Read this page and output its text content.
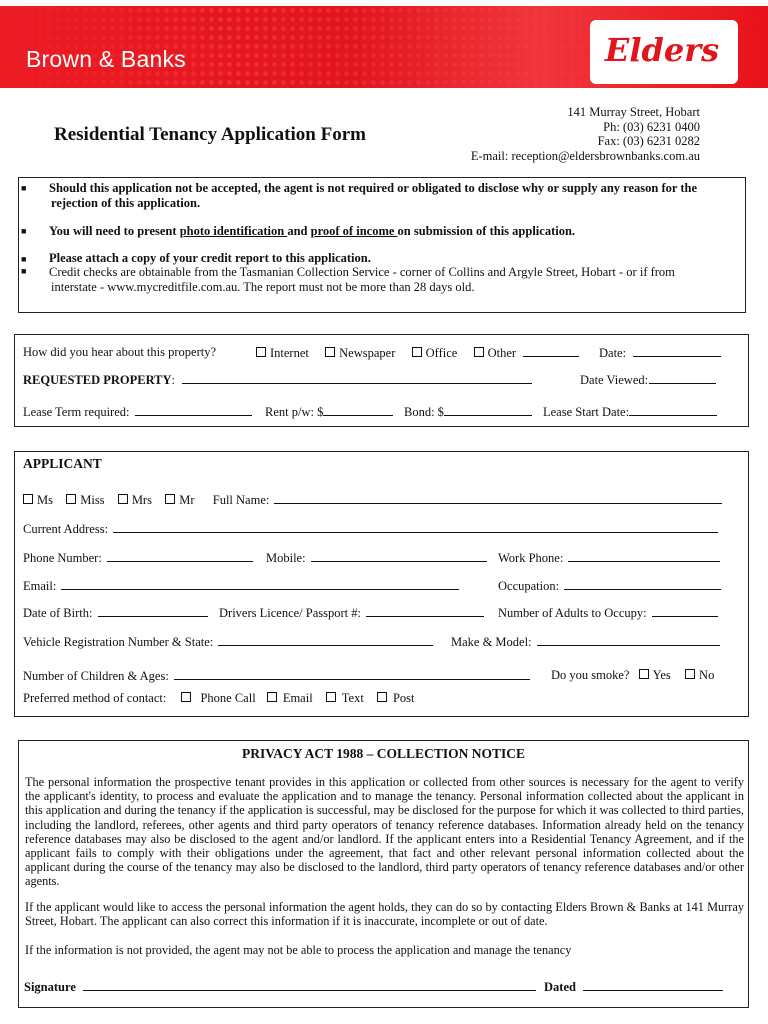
Brown & Banks	Elders
141 Murray Street, Hobart
Ph: (03) 6231 0400
Fax: (03) 6231 0282
E-mail: reception@eldersbrownbanks.com.au
Residential Tenancy Application Form
■ Should this application not be accepted, the agent is not required or obligated to disclose why or supply any reason for the
rejection of this application.
■ You will need to present photo identification and proof of income on submission of this application.
■ Please attach a copy of your credit report to this application.
■ Credit checks are obtainable from the Tasmanian Collection Service - corner of Collins and Argyle Street, Hobart - or if from
interstate - www.mycreditfile.com.au. The report must not be more than 28 days old.
How did you hear about this property?	Internet Newspaper Office Other	Date:
REQUESTED PROPERTY:	Date Viewed:
Lease Term required:	Rent p/w: $	Bond: $	Lease Start Date:
APPLICANT
Ms Miss Mrs Mr Full Name:
Current Address:
Phone Number:	Mobile:	Work Phone:
Email:	Occupation:
Date of Birth:	Drivers Licence/ Passport #:	Number of Adults to Occupy:
Vehicle Registration Number & State:	Make & Model:
Number of Children & Ages:	Do you smoke? Yes No
Preferred method of contact:	Phone Call Email Text Post
PRIVACY ACT 1988 – COLLECTION NOTICE
The personal information the prospective tenant provides in this application or collected from other sources is necessary for the agent to verify the applicant's identity, to process and evaluate the application and to manage the tenancy. Personal information collected about the applicant in this application and during the tenancy if the application is successful, may be disclosed for the purpose for which it was collected to third parties, including the landlord, referees, other agents and third party operators of tenancy reference databases. Information already held on the tenancy reference databases may also be disclosed to the agent and/or landlord. If the applicant enters into a Residential Tenancy Agreement, and if the applicant fails to comply with their obligations under the agreement, that fact and other relevant personal information collected about the applicant during the course of the tenancy may also be disclosed to the landlord, third party operators of tenancy reference databases and/or other agents.
If the applicant would like to access the personal information the agent holds, they can do so by contacting Elders Brown & Banks at 141 Murray Street, Hobart. The applicant can also correct this information if it is inaccurate, incomplete or out of date.
If the information is not provided, the agent may not be able to process the application and manage the tenancy
Signature	Dated
